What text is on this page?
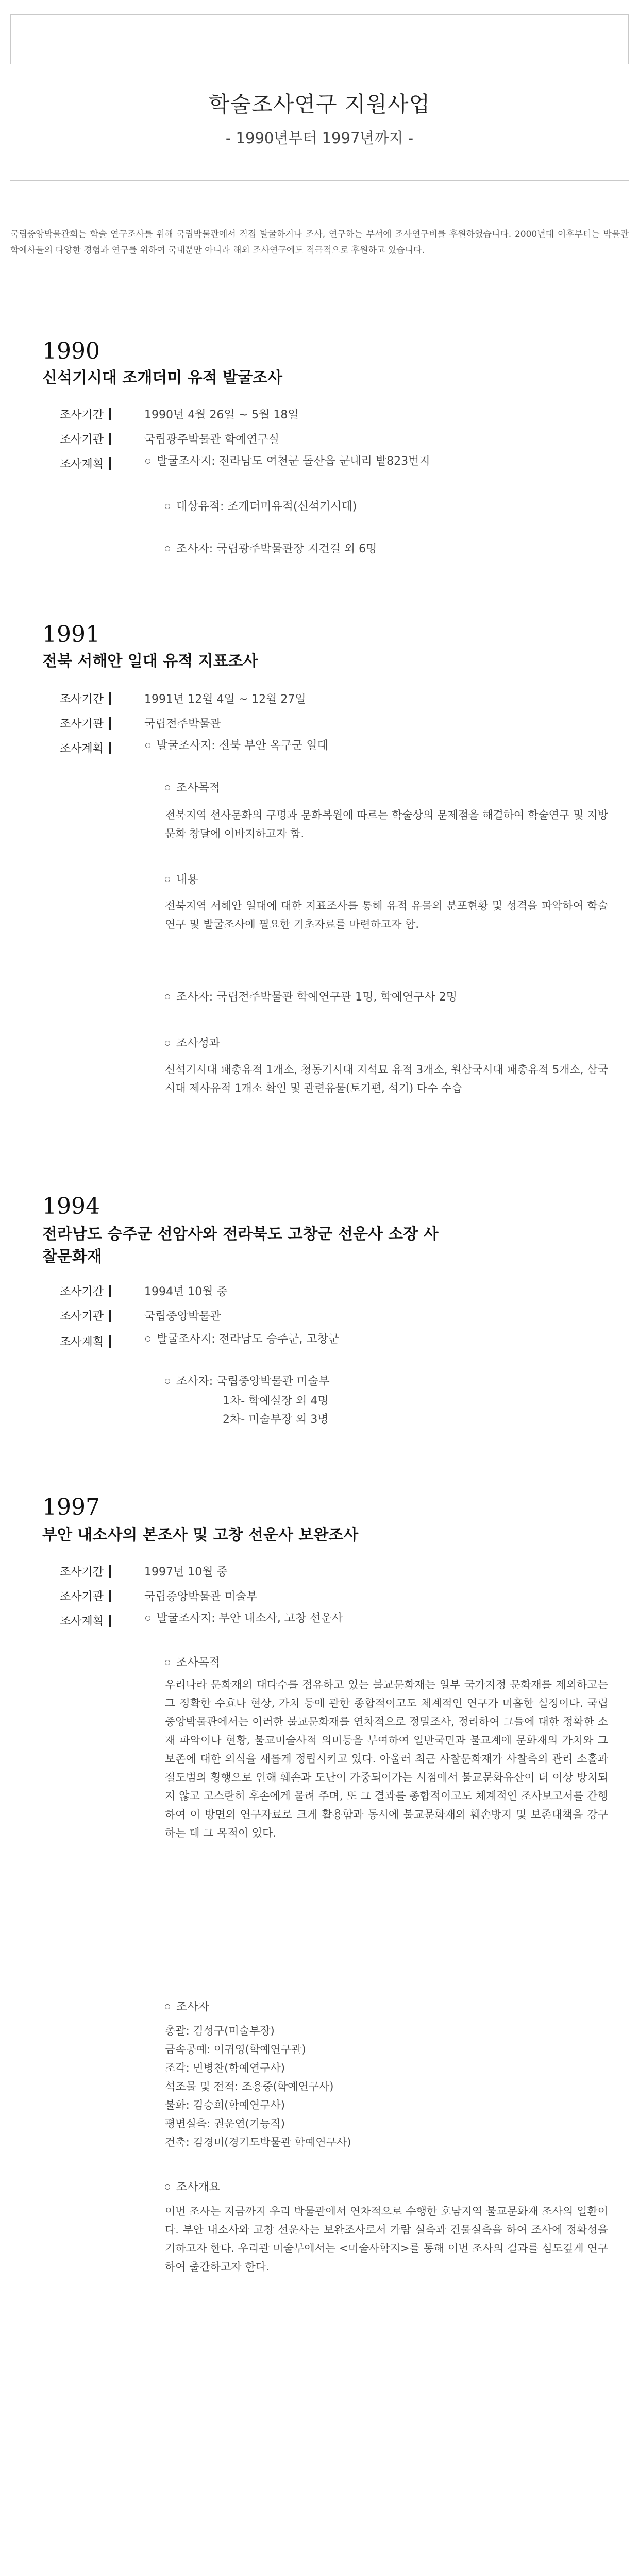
학술조사연구 지원사업
- 1990년부터 1997년까지 -
국립중앙박물관회는 학술 연구조사를 위해 국립박물관에서 직접 발굴하거나 조사, 연구하는 부서에 조사연구비를 후원하였습니다. 2000년대 이후부터는 박물관 학예사들의 다양한 경험과 연구를 위하여 국내뿐만 아니라 해외 조사연구에도 적극적으로 후원하고 있습니다.
1990
신석기시대 조개더미 유적 발굴조사
조사기간	1990년 4월 26일 ~ 5월 18일
조사기관	국립광주박물관 학예연구실
조사계획	발굴조사지: 전라남도 여천군 돌산읍 군내리 밭823번지
대상유적: 조개더미유적(신석기시대)
조사자: 국립광주박물관장 지건길 외 6명
1991
전북 서해안 일대 유적 지표조사
조사기간	1991년 12월 4일 ~ 12월 27일
조사기관	국립전주박물관
조사계획	발굴조사지: 전북 부안 옥구군 일대
조사목적
전북지역 선사문화의 구명과 문화복원에 따르는 학술상의 문제점을 해결하여 학술연구 및 지방문화 창달에 이바지하고자 함.
내용
전북지역 서해안 일대에 대한 지표조사를 통해 유적 유물의 분포현황 및 성격을 파악하여 학술연구 및 발굴조사에 필요한 기초자료를 마련하고자 함.
조사자: 국립전주박물관 학예연구관 1명, 학예연구사 2명
조사성과
신석기시대 패총유적 1개소, 청동기시대 지석묘 유적 3개소, 원삼국시대 패총유적 5개소, 삼국시대 제사유적 1개소 확인 및 관련유물(토기편, 석기) 다수 수습
1994
전라남도 승주군 선암사와 전라북도 고창군 선운사 소장 사찰문화재
조사기간	1994년 10월 중
조사기관	국립중앙박물관
조사계획	발굴조사지: 전라남도 승주군, 고창군
조사자: 국립중앙박물관 미술부
1차- 학예실장 외 4명
2차- 미술부장 외 3명
1997
부안 내소사의 본조사 및 고창 선운사 보완조사
조사기간	1997년 10월 중
조사기관	국립중앙박물관 미술부
조사계획	발굴조사지: 부안 내소사, 고창 선운사
조사목적
우리나라 문화재의 대다수를 점유하고 있는 불교문화재는 일부 국가지정 문화재를 제외하고는 그 정확한 수효나 현상, 가치 등에 관한 종합적이고도 체계적인 연구가 미흡한 실정이다. 국립중앙박물관에서는 이러한 불교문화재를 연차적으로 정밀조사, 정리하여 그들에 대한 정확한 소재 파악이나 현황, 불교미술사적 의미등을 부여하여 일반국민과 불교계에 문화재의 가치와 그 보존에 대한 의식을 새롭게 정립시키고 있다. 아울러 최근 사찰문화재가 사찰측의 관리 소홀과 절도범의 횡행으로 인해 훼손과 도난이 가중되어가는 시점에서 불교문화유산이 더 이상 방치되지 않고 고스란히 후손에게 물려 주며, 또 그 결과를 종합적이고도 체계적인 조사보고서를 간행하여 이 방면의 연구자료로 크게 활용함과 동시에 불교문화재의 훼손방지 및 보존대책을 강구하는 데 그 목적이 있다.
조사자
총괄: 김성구(미술부장)
금속공예: 이귀영(학예연구관)
조각: 민병찬(학예연구사)
석조물 및 전적: 조용중(학예연구사)
불화: 김승희(학예연구사)
평면실측: 권운연(기능직)
건축: 김경미(경기도박물관 학예연구사)
조사개요
이번 조사는 지금까지 우리 박물관에서 연차적으로 수행한 호남지역 불교문화재 조사의 일환이다. 부안 내소사와 고창 선운사는 보완조사로서 가람 실측과 건물실측을 하여 조사에 정확성을 기하고자 한다. 우리관 미술부에서는 <미술사학지>를 통해 이번 조사의 결과를 심도깊게 연구하여 출간하고자 한다.
